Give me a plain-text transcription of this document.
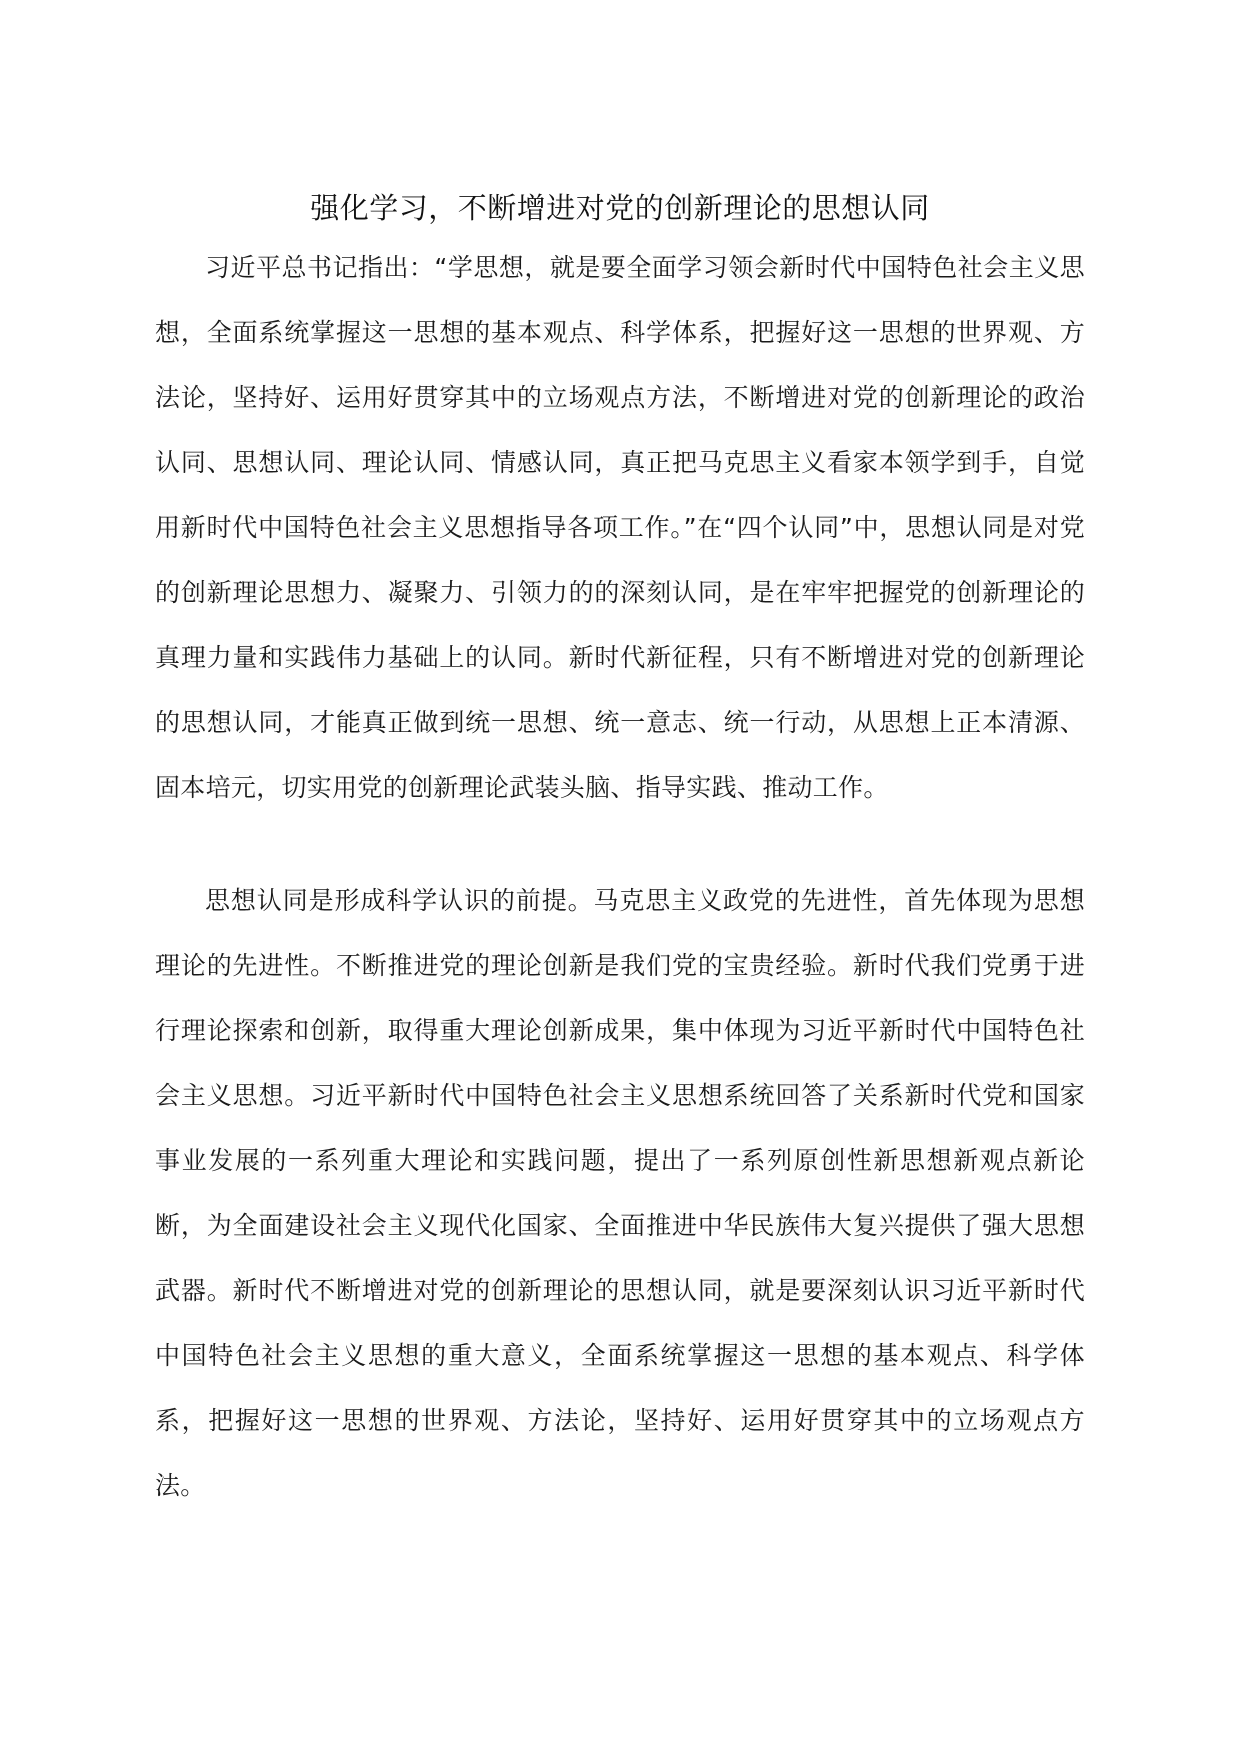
强化学习，不断增进对党的创新理论的思想认同

习近平总书记指出：“学思想，就是要全面学习领会新时代中国特色社会主义思想，全面系统掌握这一思想的基本观点、科学体系，把握好这一思想的世界观、方法论，坚持好、运用好贯穿其中的立场观点方法，不断增进对党的创新理论的政治认同、思想认同、理论认同、情感认同，真正把马克思主义看家本领学到手，自觉用新时代中国特色社会主义思想指导各项工作。”在“四个认同”中，思想认同是对党的创新理论思想力、凝聚力、引领力的的深刻认同，是在牢牢把握党的创新理论的真理力量和实践伟力基础上的认同。新时代新征程，只有不断增进对党的创新理论的思想认同，才能真正做到统一思想、统一意志、统一行动，从思想上正本清源、固本培元，切实用党的创新理论武装头脑、指导实践、推动工作。

思想认同是形成科学认识的前提。马克思主义政党的先进性，首先体现为思想理论的先进性。不断推进党的理论创新是我们党的宝贵经验。新时代我们党勇于进行理论探索和创新，取得重大理论创新成果，集中体现为习近平新时代中国特色社会主义思想。习近平新时代中国特色社会主义思想系统回答了关系新时代党和国家事业发展的一系列重大理论和实践问题，提出了一系列原创性新思想新观点新论断，为全面建设社会主义现代化国家、全面推进中华民族伟大复兴提供了强大思想武器。新时代不断增进对党的创新理论的思想认同，就是要深刻认识习近平新时代中国特色社会主义思想的重大意义，全面系统掌握这一思想的基本观点、科学体系，把握好这一思想的世界观、方法论，坚持好、运用好贯穿其中的立场观点方法。
